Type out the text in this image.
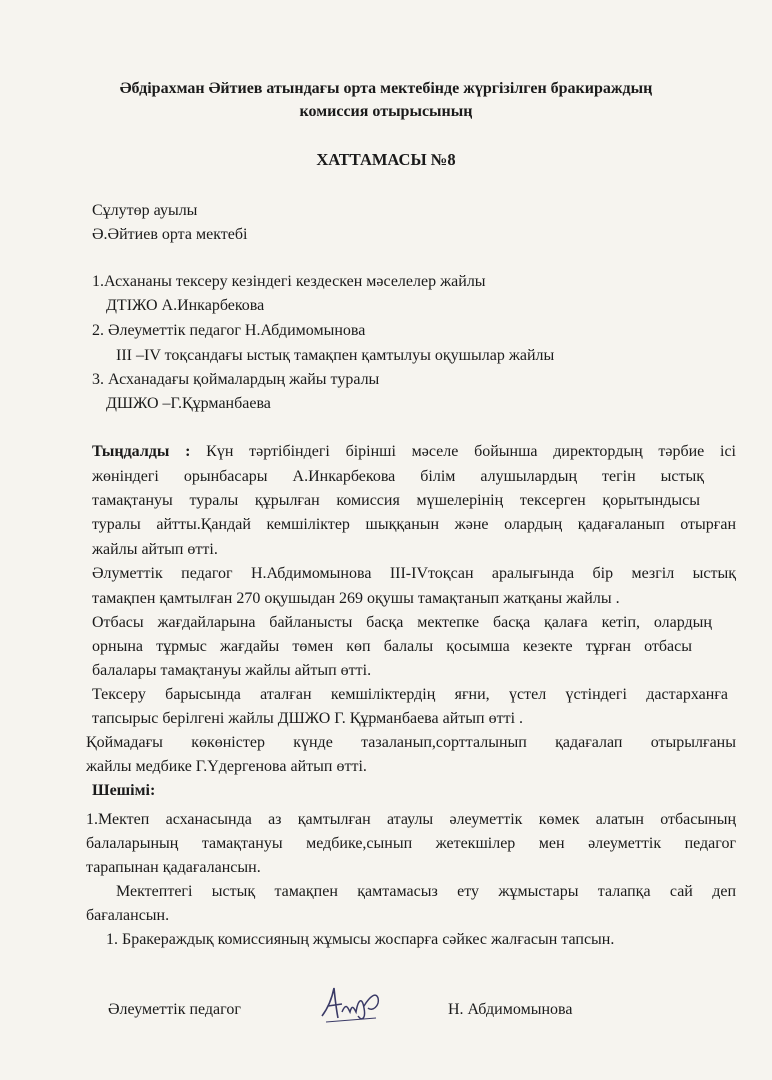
Әбдірахман Әйтиев атындағы орта мектебінде жүргізілген бракираждың
комиссия отырысының
ХАТТАМАСЫ №8
Сұлутөр ауылы
Ә.Әйтиев орта мектебі
1.Асхананы тексеру кезіндегі кездескен мәселелер жайлы
ДТІЖО А.Инкарбекова
2. Әлеуметтік педагог Н.Абдимомынова
ІІІ –ІV тоқсандағы ыстық тамақпен қамтылуы оқушылар жайлы
3. Асханадағы қоймалардың жайы туралы
ДШЖО –Г.Құрманбаева
Тыңдалды : Күн тәртібіндегі бірінші мәселе бойынша директордың тәрбие ісі
жөніндегі орынбасары А.Инкарбекова білім алушылардың тегін ыстық
тамақтануы туралы құрылған комиссия мүшелерінің тексерген қорытындысы
туралы айтты.Қандай кемшіліктер шыққанын және олардың қадағаланып отырған
жайлы айтып өтті.
Әлуметтік педагог Н.Абдимомынова ІІІ-ІVтоқсан аралығында бір мезгіл ыстық
тамақпен қамтылған 270 оқушыдан 269 оқушы тамақтанып жатқаны жайлы .
Отбасы жағдайларына байланысты басқа мектепке басқа қалаға кетіп, олардың
орнына тұрмыс жағдайы төмен көп балалы қосымша кезекте тұрған отбасы
балалары тамақтануы жайлы айтып өтті.
Тексеру барысында аталған кемшіліктердің яғни, үстел үстіндегі дастарханға
тапсырыс берілгені жайлы ДШЖО Г. Құрманбаева айтып өтті .
Қоймадағы көкөністер күнде тазаланып,сортталынып қадағалап отырылғаны
жайлы медбике Г.Үдергенова айтып өтті.
Шешімі:
1.Мектеп асханасында аз қамтылған атаулы әлеуметтік көмек алатын отбасының
балаларының тамақтануы медбике,сынып жетекшілер мен әлеуметтік педагог
тарапынан қадағалансын.
Мектептегі ыстық тамақпен қамтамасыз ету жұмыстары талапқа сай деп
бағалансын.
1. Бракераждық комиссияның жұмысы жоспарға сәйкес жалғасын тапсын.
Әлеуметтік педагог	Н. Абдимомынова
